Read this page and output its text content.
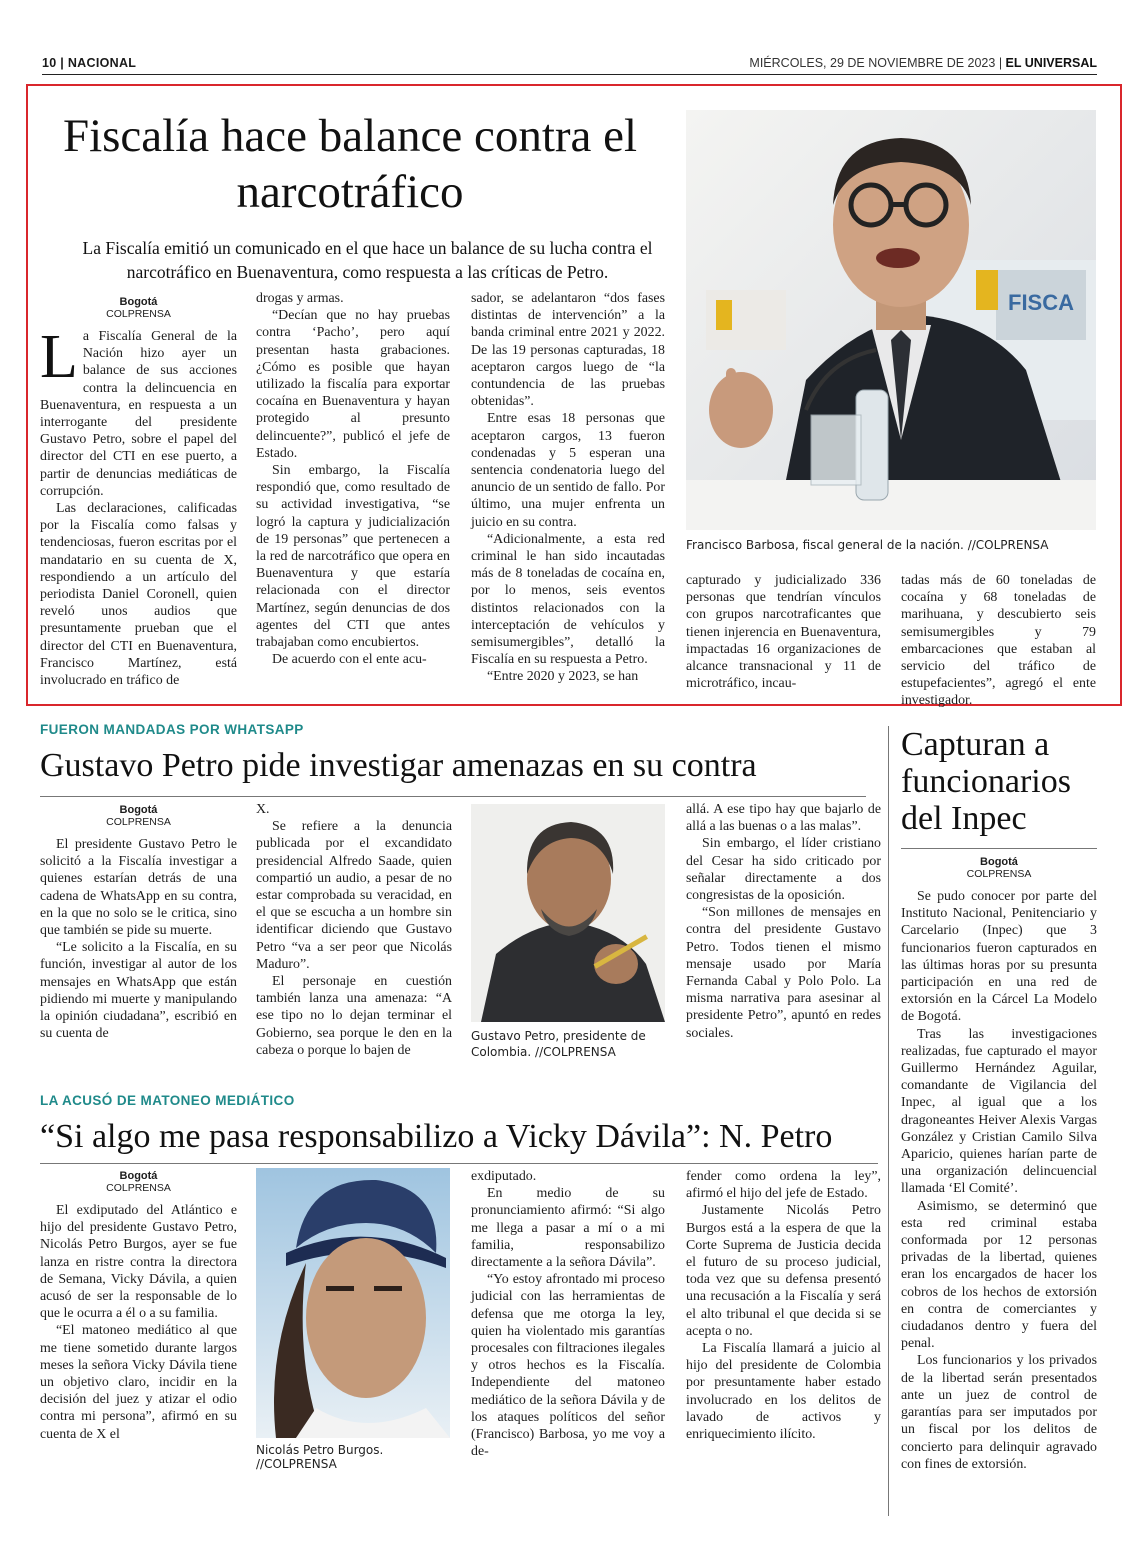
10 | NACIONAL	MIÉRCOLES, 29 DE NOVIEMBRE DE 2023 | EL UNIVERSAL
Fiscalía hace balance contra el narcotráfico
La Fiscalía emitió un comunicado en el que hace un balance de su lucha contra el narcotráfico en Buenaventura, como respuesta a las críticas de Petro.
Bogotá
COLPRENSA

La Fiscalía General de la Nación hizo ayer un balance de sus acciones contra la delincuencia en Buenaventura, en respuesta a un interrogante del presidente Gustavo Petro, sobre el papel del director del CTI en ese puerto, a partir de denuncias mediáticas de corrupción.

Las declaraciones, calificadas por la Fiscalía como falsas y tendenciosas, fueron escritas por el mandatario en su cuenta de X, respondiendo a un artículo del periodista Daniel Coronell, quien reveló unos audios que presuntamente prueban que el director del CTI en Buenaventura, Francisco Martínez, está involucrado en tráfico de

drogas y armas.

“Decían que no hay pruebas contra ‘Pacho’, pero aquí presentan hasta grabaciones. ¿Cómo es posible que hayan utilizado la fiscalía para exportar cocaína en Buenaventura y hayan protegido al presunto delincuente?”, publicó el jefe de Estado.

Sin embargo, la Fiscalía respondió que, como resultado de su actividad investigativa, “se logró la captura y judicialización de 19 personas” que pertenecen a la red de narcotráfico que opera en Buenaventura y que estaría relacionada con el director Martínez, según denuncias de dos agentes del CTI que antes trabajaban como encubiertos.

De acuerdo con el ente acu-

sador, se adelantaron “dos fases distintas de intervención” a la banda criminal entre 2021 y 2022. De las 19 personas capturadas, 18 aceptaron cargos luego de “la contundencia de las pruebas obtenidas”.

Entre esas 18 personas que aceptaron cargos, 13 fueron condenadas y 5 esperan una sentencia condenatoria luego del anuncio de un sentido de fallo. Por último, una mujer enfrenta un juicio en su contra.

“Adicionalmente, a esta red criminal le han sido incautadas más de 8 toneladas de cocaína en, por lo menos, seis eventos distintos relacionados con la interceptación de vehículos y semisumergibles”, detalló la Fiscalía en su respuesta a Petro.

“Entre 2020 y 2023, se han

capturado y judicializado 336 personas que tendrían vínculos con grupos narcotraficantes que tienen injerencia en Buenaventura, impactadas 16 organizaciones de alcance transnacional y 11 de microtráfico, incau-

tadas más de 60 toneladas de cocaína y 68 toneladas de marihuana, y descubierto seis semisumergibles y 79 embarcaciones que estaban al servicio del tráfico de estupefacientes”, agregó el ente investigador.

FISCA
Francisco Barbosa, fiscal general de la nación. //COLPRENSA
FUERON MANDADAS POR WHATSAPP
Gustavo Petro pide investigar amenazas en su contra
Bogotá
COLPRENSA

El presidente Gustavo Petro le solicitó a la Fiscalía investigar a quienes estarían detrás de una cadena de WhatsApp en su contra, en la que no solo se le critica, sino que también se pide su muerte.

“Le solicito a la Fiscalía, en su función, investigar al autor de los mensajes en WhatsApp que están pidiendo mi muerte y manipulando la opinión ciudadana”, escribió en su cuenta de

X.

Se refiere a la denuncia publicada por el excandidato presidencial Alfredo Saade, quien compartió un audio, a pesar de no estar comprobada su veracidad, en el que se escucha a un hombre sin identificar diciendo que Gustavo Petro “va a ser peor que Nicolás Maduro”.

El personaje en cuestión también lanza una amenaza: “A ese tipo no lo dejan terminar el Gobierno, sea porque le den en la cabeza o porque lo bajen de

Gustavo Petro, presidente de Colombia. //COLPRENSA

allá. A ese tipo hay que bajarlo de allá a las buenas o a las malas”.

Sin embargo, el líder cristiano del Cesar ha sido criticado por señalar directamente a dos congresistas de la oposición.

“Son millones de mensajes en contra del presidente Gustavo Petro. Todos tienen el mismo mensaje usado por María Fernanda Cabal y Polo Polo. La misma narrativa para asesinar al presidente Petro”, apuntó en redes sociales.

LA ACUSÓ DE MATONEO MEDIÁTICO
“Si algo me pasa responsabilizo a Vicky Dávila”: N. Petro
Bogotá
COLPRENSA

El exdiputado del Atlántico e hijo del presidente Gustavo Petro, Nicolás Petro Burgos, ayer se fue lanza en ristre contra la directora de Semana, Vicky Dávila, a quien acusó de ser la responsable de lo que le ocurra a él o a su familia.

“El matoneo mediático al que me tiene sometido durante largos meses la señora Vicky Dávila tiene un objetivo claro, incidir en la decisión del juez y atizar el odio contra mi persona”, afirmó en su cuenta de X el

Nicolás Petro Burgos. //COLPRENSA

exdiputado.

En medio de su pronunciamiento afirmó: “Si algo me llega a pasar a mí o a mi familia, responsabilizo directamente a la señora Dávila”.

“Yo estoy afrontado mi proceso judicial con las herramientas de defensa que me otorga la ley, quien ha violentado mis garantías procesales con filtraciones ilegales y otros hechos es la Fiscalía. Independiente del matoneo mediático de la señora Dávila y de los ataques políticos del señor (Francisco) Barbosa, yo me voy a de-

fender como ordena la ley”, afirmó el hijo del jefe de Estado.

Justamente Nicolás Petro Burgos está a la espera de que la Corte Suprema de Justicia decida el futuro de su proceso judicial, toda vez que su defensa presentó una recusación a la Fiscalía y será el alto tribunal el que decida si se acepta o no.

La Fiscalía llamará a juicio al hijo del presidente de Colombia por presuntamente haber estado involucrado en los delitos de lavado de activos y enriquecimiento ilícito.

Capturan a funcionarios del Inpec
Bogotá
COLPRENSA

Se pudo conocer por parte del Instituto Nacional, Penitenciario y Carcelario (Inpec) que 3 funcionarios fueron capturados en las últimas horas por su presunta participación en una red de extorsión en la Cárcel La Modelo de Bogotá.

Tras las investigaciones realizadas, fue capturado el mayor Guillermo Hernández Aguilar, comandante de Vigilancia del Inpec, al igual que a los dragoneantes Heiver Alexis Vargas González y Cristian Camilo Silva Aparicio, quienes harían parte de una organización delincuencial llamada ‘El Comité’.

Asimismo, se determinó que esta red criminal estaba conformada por 12 personas privadas de la libertad, quienes eran los encargados de hacer los cobros de los hechos de extorsión en contra de comerciantes y ciudadanos dentro y fuera del penal.

Los funcionarios y los privados de la libertad serán presentados ante un juez de control de garantías para ser imputados por un fiscal por los delitos de concierto para delinquir agravado con fines de extorsión.
